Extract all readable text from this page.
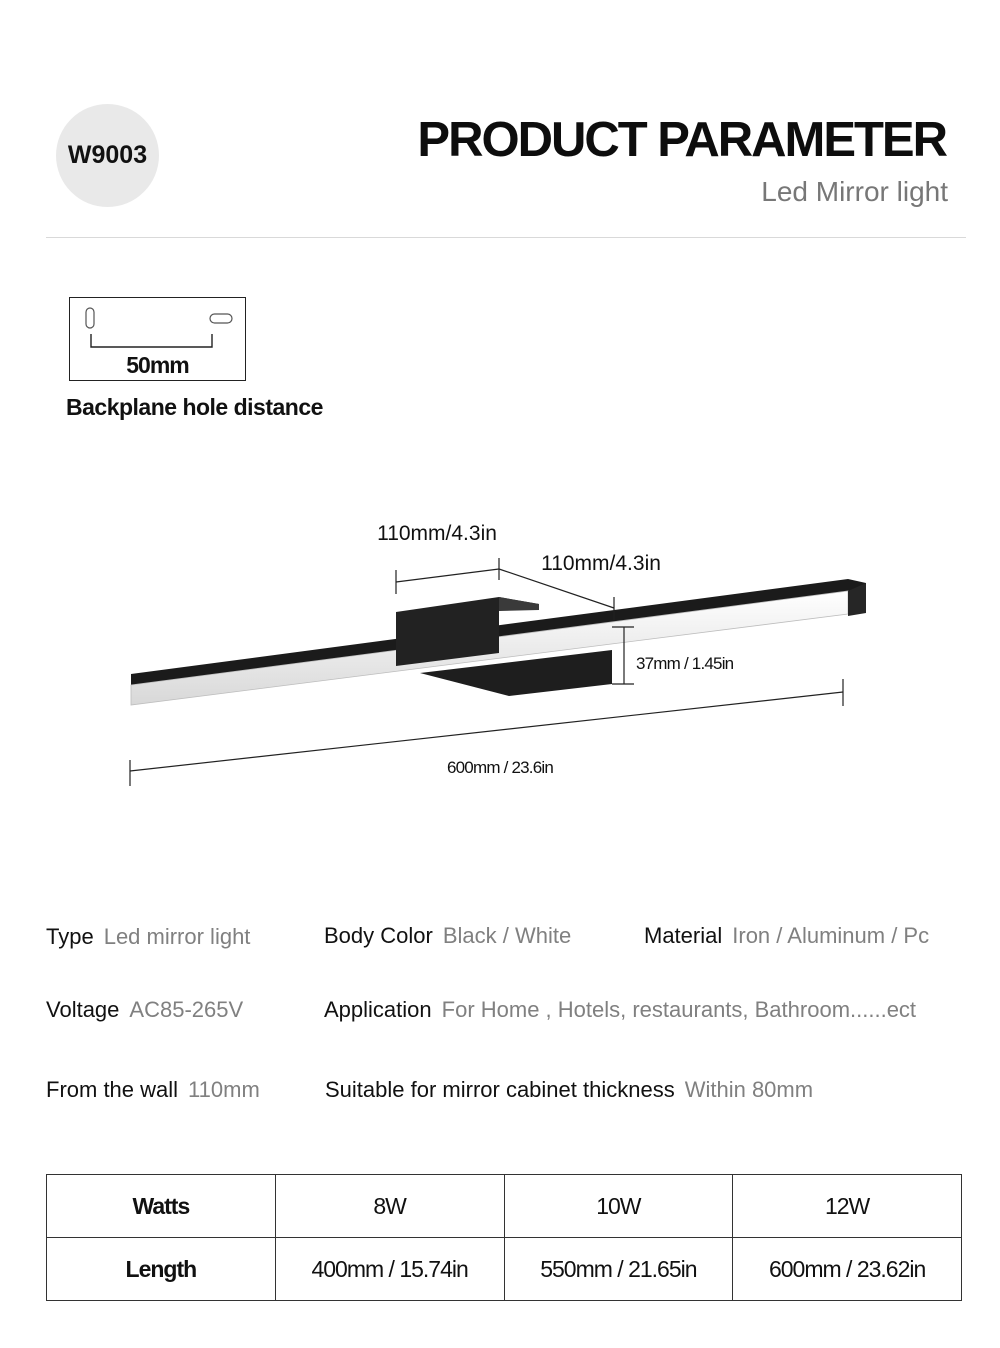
W9003	PRODUCT PARAMETER
Led Mirror light
50mm
Backplane hole distance
110mm/4.3in
110mm/4.3in
37mm / 1.45in
600mm / 23.6in
Type Led mirror light	Body Color Black / White	Material Iron / Aluminum / Pc
Voltage AC85-265V	Application For Home , Hotels, restaurants, Bathroom......ect
From the wall 110mm	Suitable for mirror cabinet thickness Within 80mm
Watts	8W	10W	12W
Length	400mm / 15.74in	550mm / 21.65in	600mm / 23.62in
